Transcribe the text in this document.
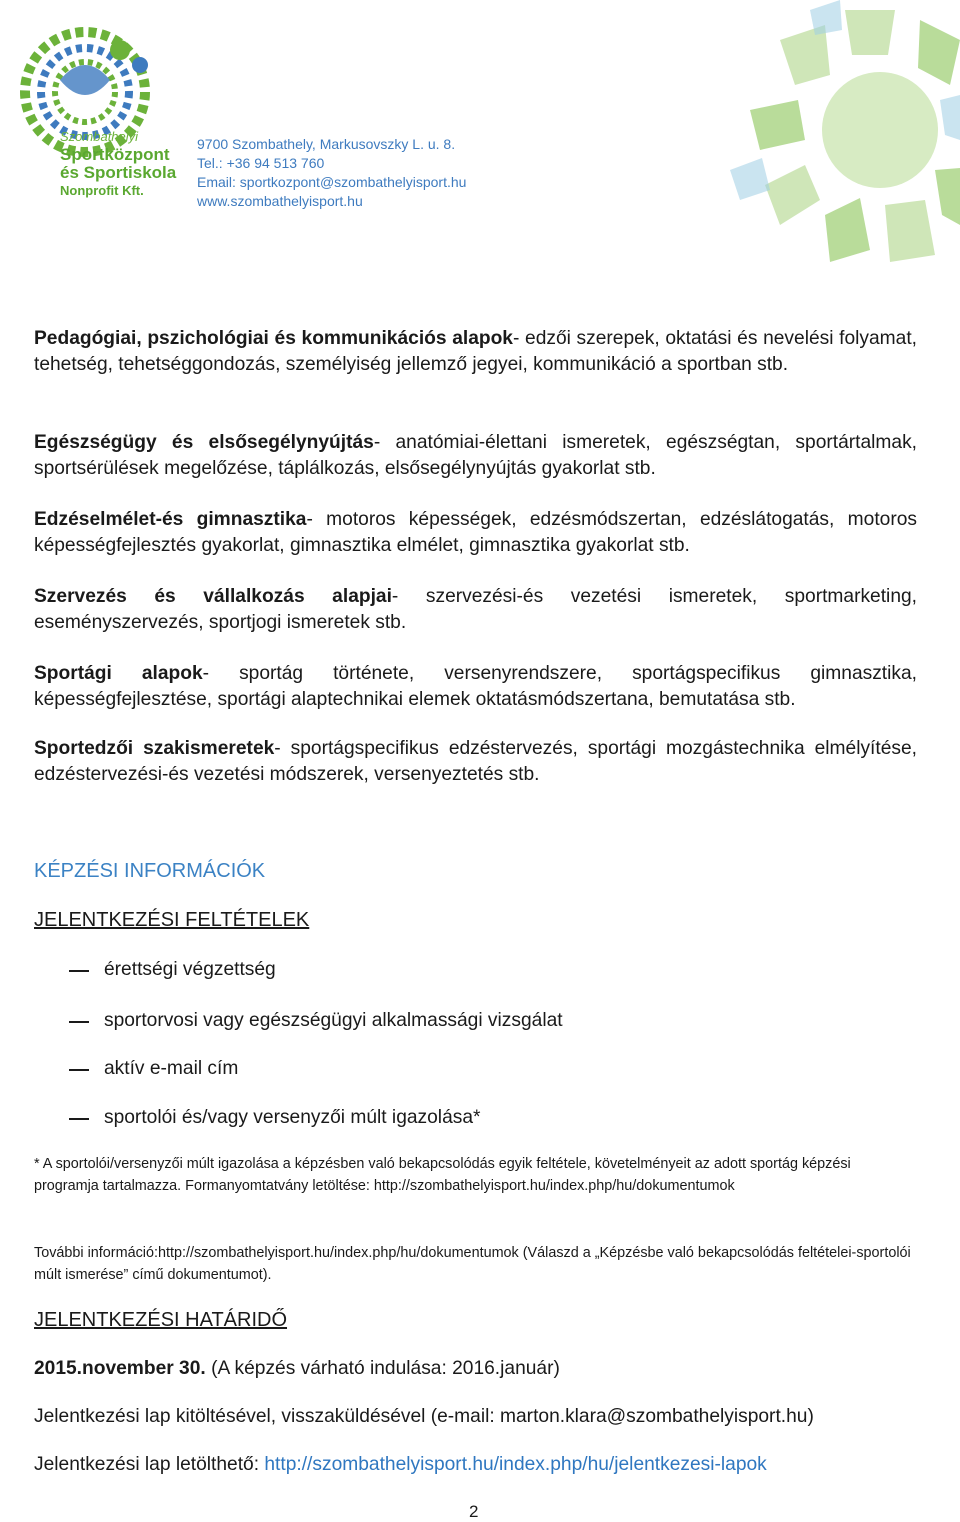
Szombathelyi
Sportközpont
és Sportiskola
Nonprofit Kft.
9700 Szombathely, Markusovszky L. u. 8.
Tel.: +36 94 513 760
Email: sportkozpont@szombathelyisport.hu
www.szombathelyisport.hu

Pedagógiai, pszichológiai és kommunikációs alapok- edzői szerepek, oktatási és nevelési folyamat, tehetség, tehetséggondozás, személyiség jellemző jegyei, kommunikáció a sportban stb.

Egészségügy és elsősegélynyújtás- anatómiai-élettani ismeretek, egészségtan, sportártalmak, sportsérülések megelőzése, táplálkozás, elsősegélynyújtás gyakorlat stb.

Edzéselmélet-és gimnasztika- motoros képességek, edzésmódszertan, edzéslátogatás, motoros képességfejlesztés gyakorlat, gimnasztika elmélet, gimnasztika gyakorlat stb.

Szervezés és vállalkozás alapjai- szervezési-és vezetési ismeretek, sportmarketing, eseményszervezés, sportjogi ismeretek stb.

Sportági alapok- sportág története, versenyrendszere, sportágspecifikus gimnasztika, képességfejlesztése, sportági alaptechnikai elemek oktatásmódszertana, bemutatása stb.

Sportedzői szakismeretek- sportágspecifikus edzéstervezés, sportági mozgástechnika elmélyítése, edzéstervezési-és vezetési módszerek, versenyeztetés stb.

KÉPZÉSI INFORMÁCIÓK
JELENTKEZÉSI FELTÉTELEK
érettségi végzettség
sportorvosi vagy egészségügyi alkalmassági vizsgálat
aktív e-mail cím
sportolói és/vagy versenyzői múlt igazolása*

* A sportolói/versenyzői múlt igazolása a képzésben való bekapcsolódás egyik feltétele, követelményeit az adott sportág képzési programja tartalmazza. Formanyomtatvány letöltése: http://szombathelyisport.hu/index.php/hu/dokumentumok

További információ:http://szombathelyisport.hu/index.php/hu/dokumentumok (Válaszd a „Képzésbe való bekapcsolódás feltételei-sportolói múlt ismerése” című dokumentumot).

JELENTKEZÉSI HATÁRIDŐ

2015.november 30. (A képzés várható indulása: 2016.január)

Jelentkezési lap kitöltésével, visszaküldésével (e-mail: marton.klara@szombathelyisport.hu)

Jelentkezési lap letölthető: http://szombathelyisport.hu/index.php/hu/jelentkezesi-lapok

2
